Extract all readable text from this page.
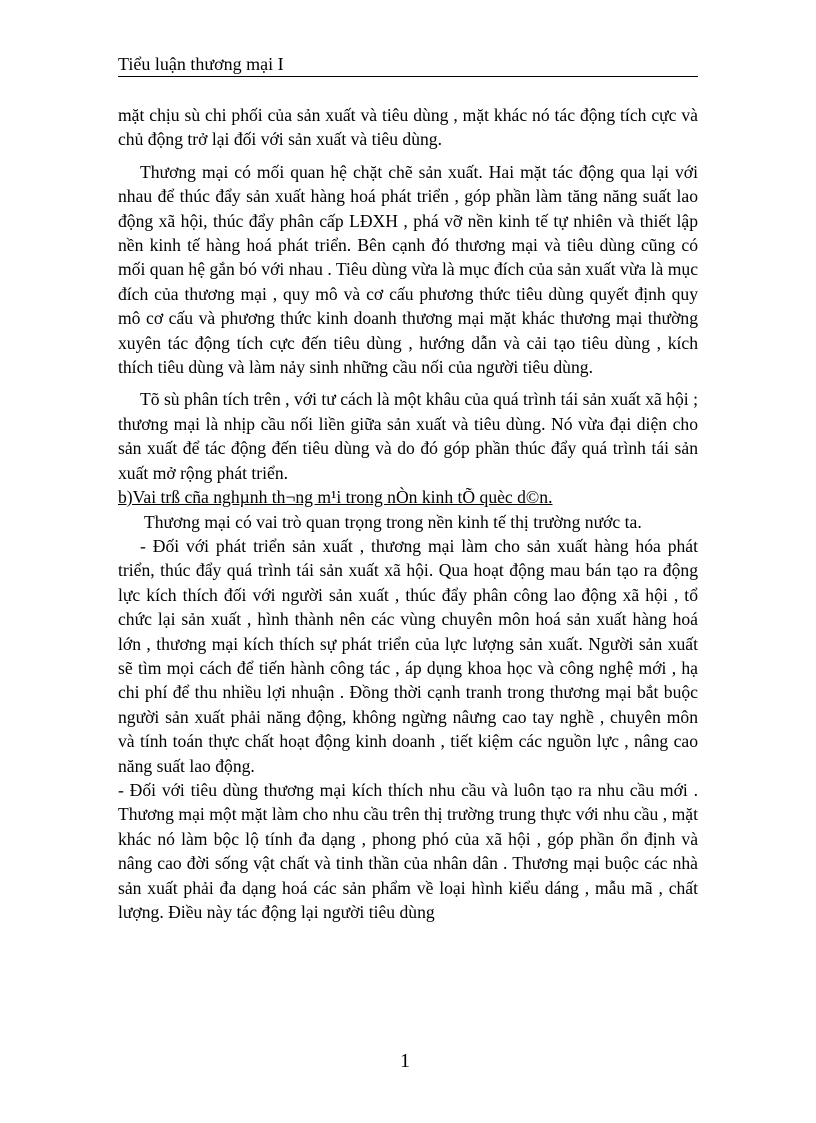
Tiểu luận thương mại I

mặt chịu sù chi phối của sản xuất và tiêu dùng , mặt khác nó tác động tích cực và chủ động trở lại đối với sản xuất và tiêu dùng.

Thương mại có mối quan hệ chặt chẽ sản xuất. Hai mặt tác động qua lại với nhau để thúc đẩy sản xuất hàng hoá phát triển , góp phần làm tăng năng suất lao động xã hội, thúc đẩy phân cấp LĐXH , phá vỡ nền kinh tế tự nhiên và thiết lập nền kinh tế hàng hoá phát triển. Bên cạnh đó thương mại và tiêu dùng cũng có mối quan hệ gắn bó với nhau . Tiêu dùng vừa là mục đích của sản xuất vừa là mục đích của thương mại , quy mô và cơ cấu phương thức tiêu dùng quyết định quy mô cơ cấu và phương thức kinh doanh thương mại mặt khác thương mại thường xuyên tác động tích cực đến tiêu dùng , hướng dẫn và cải tạo tiêu dùng , kích thích tiêu dùng và làm nảy sinh những cầu nối của người tiêu dùng.

Tõ sù phân tích trên , với tư cách là một khâu của quá trình tái sản xuất xã hội ; thương mại là nhịp cầu nối liền giữa sản xuất và tiêu dùng. Nó vừa đại diện cho sản xuất để tác động đến tiêu dùng và do đó góp phần thúc đẩy quá trình tái sản xuất mở rộng phát triển.

b)Vai trß cña nghµnh th¬ng m¹i trong nÒn kinh tÕ quèc d©n.

Thương mại có vai trò quan trọng trong nền kinh tế thị trường nước ta.

- Đối với phát triển sản xuất , thương mại làm cho sản xuất hàng hóa phát triển, thúc đẩy quá trình tái sản xuất xã hội. Qua hoạt động mau bán tạo ra động lực kích thích đối với người sản xuất , thúc đẩy phân công lao động xã hội , tổ chức lại sản xuất , hình thành nên các vùng chuyên môn hoá sản xuất hàng hoá lớn , thương mại kích thích sự phát triển của lực lượng sản xuất. Người sản xuất sẽ tìm mọi cách để tiến hành công tác , áp dụng khoa học và công nghệ mới , hạ chi phí để thu nhiều lợi nhuận . Đồng thời cạnh tranh trong thương mại bắt buộc người sản xuất phải năng động, không ngừng nâưng cao tay nghề , chuyên môn và tính toán thực chất hoạt động kinh doanh , tiết kiệm các nguồn lực , nâng cao năng suất lao động.

- Đối với tiêu dùng thương mại kích thích nhu cầu và luôn tạo ra nhu cầu mới . Thương mại một mặt làm cho nhu cầu trên thị trường trung thực với nhu cầu , mặt khác nó làm bộc lộ tính đa dạng , phong phó của xã hội , góp phần ổn định và nâng cao đời sống vật chất và tinh thần của nhân dân . Thương mại buộc các nhà sản xuất phải đa dạng hoá các sản phẩm về loại hình kiểu dáng , mẫu mã , chất lượng. Điều này tác động lại người tiêu dùng

1
